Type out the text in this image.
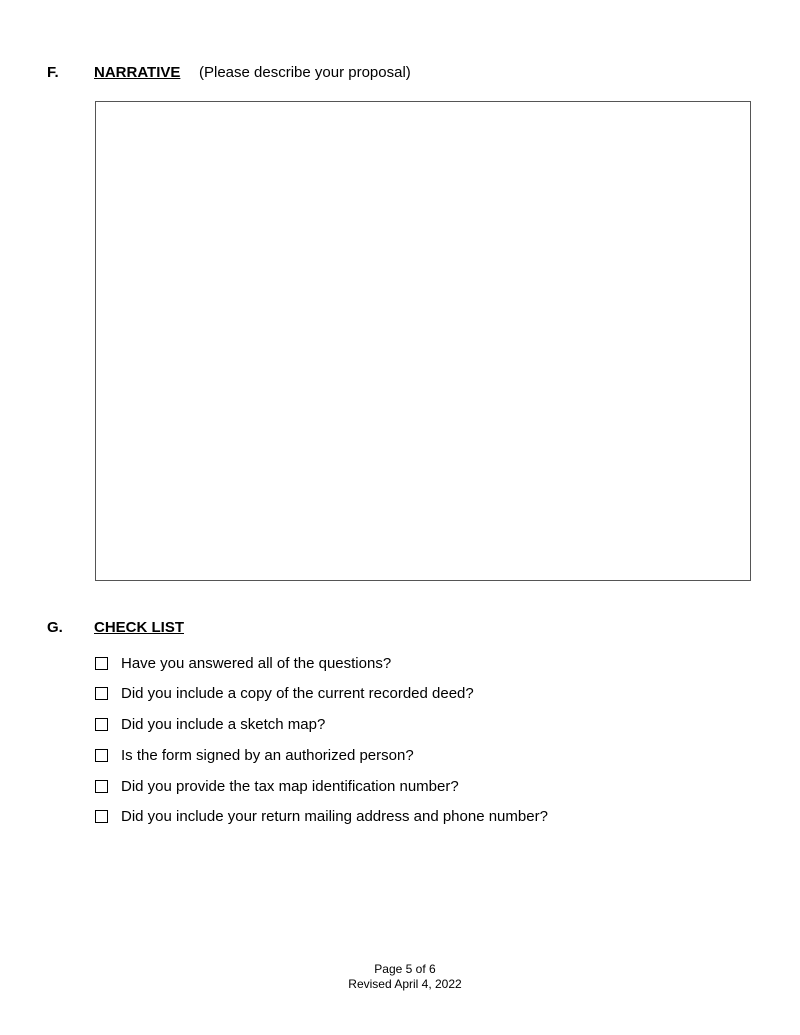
F. NARRATIVE (Please describe your proposal)
G. CHECK LIST
Have you answered all of the questions?
Did you include a copy of the current recorded deed?
Did you include a sketch map?
Is the form signed by an authorized person?
Did you provide the tax map identification number?
Did you include your return mailing address and phone number?
Page 5 of 6
Revised April 4, 2022
